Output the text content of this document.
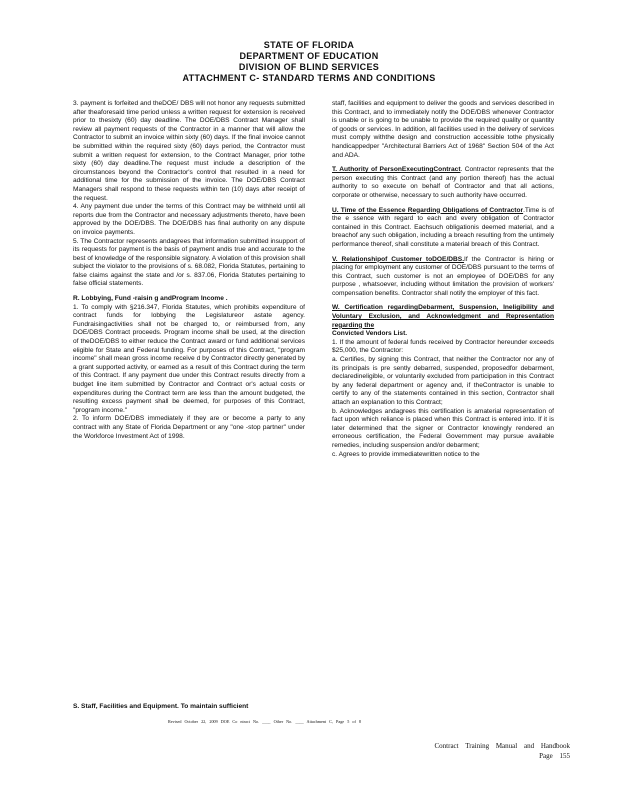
STATE OF FLORIDA
DEPARTMENT OF EDUCATION
DIVISION OF BLIND SERVICES
ATTACHMENT C- STANDARD TERMS AND CONDITIONS

3. payment is forfeited and theDOE/ DBS will not honor any requests submitted after theaforesaid time period unless a written request for extension is received prior to thesixty (60) day deadline. The DOE/DBS Contract Manager shall review all payment requests of the Contractor in a manner that will allow the Contractor to submit an invoice within sixty (60) days. If the final invoice cannot be submitted within the required sixty (60) days period, the Contractor must submit a written request for extension, to the Contract Manager, prior tothe sixty (60) day deadline.The request must include a description of the circumstances beyond the Contractor's control that resulted in a need for additional time for the submission of the invoice. The DOE/DBS Contract Managers shall respond to these requests within ten (10) days after receipt of the request.

4. Any payment due under the terms of this Contract may be withheld until all reports due from the Contractor and necessary adjustments thereto, have been approved by the DOE/DBS. The DOE/DBS has final authority on any dispute on invoice payments.

5. The Contractor represents andagrees that information submitted insupport of its requests for payment is the basis of payment andis true and accurate to the best of knowledge of the responsible signatory. A violation of this provision shall subject the violator to the provisions of s. 68.082, Florida Statutes, pertaining to false claims against the state and /or s. 837.06, Florida Statutes pertaining to false official statements.

R. Lobbying, Fund -raisin g andProgram Income .

1. To comply with §216.347, Florida Statutes, which prohibits expenditure of contract funds for lobbying the Legislatureor astate agency. Fundraisingactivities shall not be charged to, or reimbursed from, any DOE/DBS Contract proceeds. Program income shall be used, at the direction of theDOE/DBS to either reduce the Contract award or fund additional services eligible for State and Federal funding. For purposes of this Contract, "program income" shall mean gross income receive d by Contractor directly generated by a grant supported activity, or earned as a result of this Contract during the term of this Contract. If any payment due under this Contract results directly from a budget line item submitted by Contractor and Contract or's actual costs or expenditures during the Contract term are less than the amount budgeted, the resulting excess payment shall be deemed, for purposes of this Contract, "program income."

2. To inform DOE/DBS immediately if they are or become a party to any contract with any State of Florida Department or any "one -stop partner" under the Workforce Investment Act of 1998.

S. Staff, Facilities and Equipment. To maintain sufficient

staff, facilities and equipment to deliver the goods and services described in this Contract, and to immediately notify the DOE/DBS whenever Contractor is unable or is going to be unable to provide the required quality or quantity of goods or services. In addition, all facilities used in the delivery of services must comply withthe design and construction accessible tothe physically handicappedper "Architectural Barriers Act of 1968" Section 504 of the Act and ADA.

T. Authority of PersonExecutingContract. Contractor represents that the person executing this Contract (and any portion thereof) has the actual authority to so execute on behalf of Contractor and that all actions, corporate or otherwise, necessary to such authority have occurred.

U. Time of the Essence Regarding Obligations of Contractor.Time is of the e ssence with regard to each and every obligation of Contractor contained in this Contract. Eachsuch obligationis deemed material, and a breachof any such obligation, including a breach resulting from the untimely performance thereof, shall constitute a material breach of this Contract.

V. Relationshipof Customer toDOE/DBS.If the Contractor is hiring or placing for employment any customer of DOE/DBS pursuant to the terms of this Contract, such customer is not an employee of DOE/DBS for any purpose , whatsoever, including without limitation the provision of workers' compensation benefits. Contractor shall notify the employer of this fact.

W. Certification regardingDebarment, Suspension, Ineligibility and Voluntary Exclusion, and Acknowledgment and Representation regarding the
Convicted Vendors List.

1. If the amount of federal funds received by Contractor hereunder exceeds $25,000, the Contractor:

a. Certifies, by signing this Contract, that neither the Contractor nor any of its principals is pre sently debarred, suspended, proposedfor debarment, declaredineligible, or voluntarily excluded from participation in this Contract by any federal department or agency and, if theContractor is unable to certify to any of the statements contained in this section, Contractor shall attach an explanation to this Contract;

b. Acknowledges andagrees this certification is amaterial representation of fact upon which reliance is placed when this Contract is entered into. If it is later determined that the signer or Contractor knowingly rendered an erroneous certification, the Federal Government may pursue available remedies, including suspension and/or debarment;

c. Agrees to provide immediatewritten notice to the

Revised October 22, 2009 DOE Co ntract No. ____ Other No. ____ Attachment C, Page 5 of 8
Contract Training Manual and Handbook
Page 155
